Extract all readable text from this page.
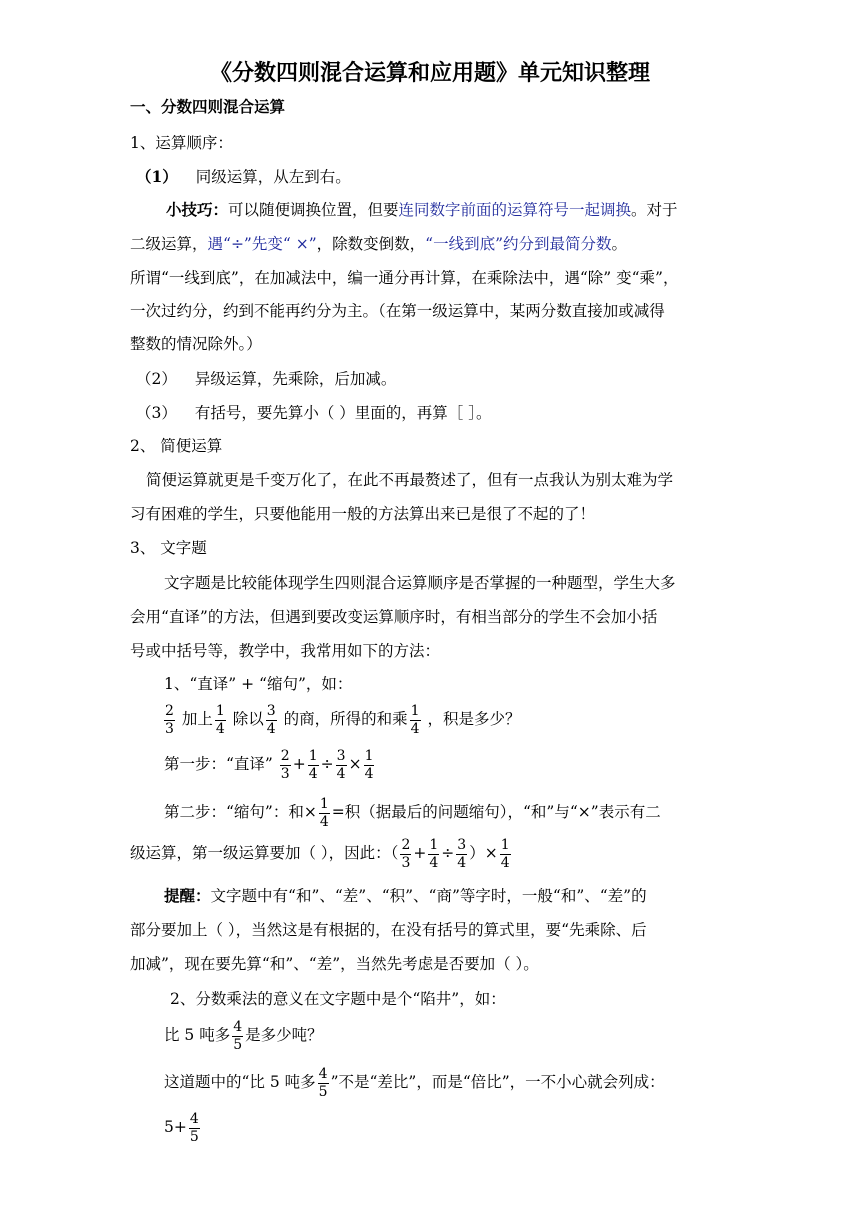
《分数四则混合运算和应用题》单元知识整理
一、分数四则混合运算
1、运算顺序：
（1） 同级运算，从左到右。
小技巧：可以随便调换位置，但要连同数字前面的运算符号一起调换。对于
二级运算，遇“÷”先变“ ×”，除数变倒数，“一线到底”约分到最简分数。
所谓“一线到底”，在加减法中，编一通分再计算，在乘除法中，遇“除” 变“乘”，
一次过约分，约到不能再约分为主。（在第一级运算中，某两分数直接加或减得
整数的情况除外。）
（2） 异级运算，先乘除，后加减。
（3） 有括号，要先算小（ ）里面的，再算［ ］。
2、 简便运算
简便运算就更是千变万化了，在此不再最赘述了，但有一点我认为别太难为学
习有困难的学生，只要他能用一般的方法算出来已是很了不起的了！
3、 文字题
文字题是比较能体现学生四则混合运算顺序是否掌握的一种题型，学生大多
会用“直译”的方法，但遇到要改变运算顺序时，有相当部分的学生不会加小括
号或中括号等，教学中，我常用如下的方法：
1、“直译” + “缩句”，如：
$\frac{2}{3}$ 加上 $\frac{1}{4}$ 除以 $\frac{3}{4}$ 的商，所得的和乘 $\frac{1}{4}$ ，积是多少？
第一步：“直译” $\frac{2}{3} + \frac{1}{4} \div \frac{3}{4} \times \frac{1}{4}$
第二步：“缩句”：和× $\frac{1}{4}$ =积（据最后的问题缩句），“和”与“×”表示有二
级运算，第一级运算要加（ ），因此：（ $\frac{2}{3} + \frac{1}{4} \div \frac{3}{4}$ ）× $\frac{1}{4}$
提醒：文字题中有“和”、“差”、“积”、“商”等字时，一般“和”、“差”的
部分要加上（ ），当然这是有根据的，在没有括号的算式里，要“先乘除、后
加减”，现在要先算“和”、“差”，当然先考虑是否要加（ ）。
2、分数乘法的意义在文字题中是个“陷井”，如：
比 5 吨多 $\frac{4}{5}$ 是多少吨？
这道题中的“比 5 吨多 $\frac{4}{5}$ ”不是“差比”，而是“倍比”，一不小心就会列成：
$5+ \frac{4}{5}$
